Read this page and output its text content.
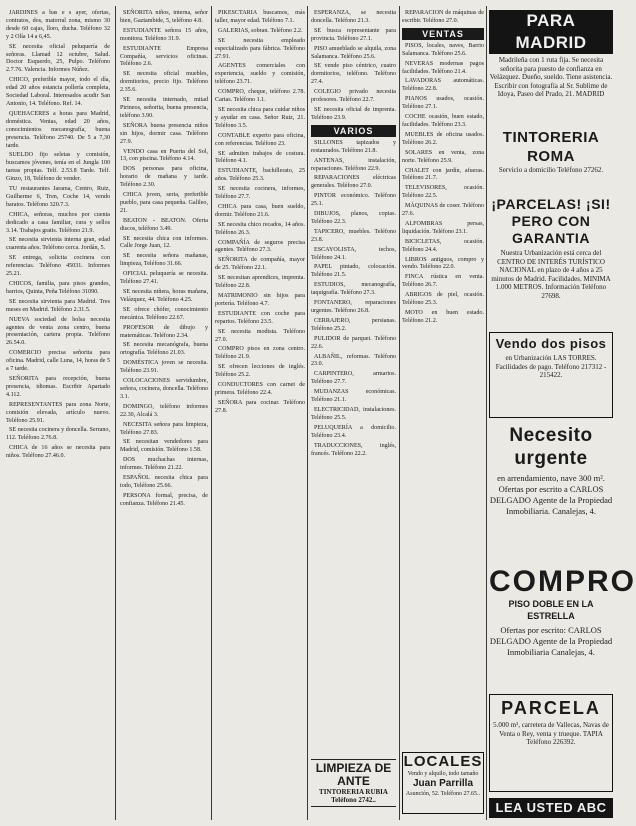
JARDINES a bas e s ayer, ofertas, contratos, dos, matorral zona, mismo 30 desde 60 cajas, lloro, ducha. Teléfono 32 y 2 Olía 14 a 6,45.

SE necesita oficial peluquería de señoras. Llamad 12 octubre, Salud. Doctor Esquerdo, 25, Pulpo. Teléfono 2.7.76. Valencia. Informes Núñez.

CHICO, preferible mayor, todo el día, edad 20 años estancia pollería completa, Sociedad Laboral. Interesados acudir San Antonio, 14. Teléfono. Ref. 14.

QUEHACERES a horas para Madrid, doméstica. Ventas, edad 20 años, conocimientos mecanografía, buena presencia. Teléfono 25740. De 5 a 7,30 tarde.

SUELDO fijo seletas y comisión, buscamos jóvenes, tenía en el Jungla 100 tareas propias. Telf. 2.53.8 Tarde. Telf. Ginzo, 18, Teléfono de vender.

TU restaurantes Jarama, Centro, Ruiz, Guilherme 6, Tren, Coche 14, vendo baratos. Teléfono 320.7.3.

CHICA, señoras, muchos por cuenta dedicado a casa familiar, cura y sellos 3.14. Trabajos gratis. Teléfono 21.9.

SE necesita sirvienta interna gran, edad cuarenta años. Teléfono cerca. Jordán, 5.

SE entrega, solicita cocinera con referencias. Teléfono 45031. Informes 25.21.

CHICOS, familia, para pisos grandes, barrios, Quinta, Peña Teléfono 31090.

SE necesita sirvienta para Madrid. Tres meses en Madrid. Teléfono 2.31.5.

NUEVA sociedad de bolsa necesita agentes de venta zona centro, buena presentación, cartera propia. Teléfono 26.54.0.

COMERCIO precisa señorita para oficina. Madrid, calle Luna, 14, horas de 5 a 7 tarde.

SEÑORITA para recepción, buena presencia, idiomas. Escribir Apartado 4.112.

REPRESENTANTES para zona Norte, comisión elevada, artículo nuevo. Teléfono 25.91.

SE necesita cocinera y doncella. Serrano, 112. Teléfono 2.76.8.

CHICA de 16 años se necesita para niños. Teléfono 27.46.0.

SEÑORITA niños, interna, señor bien, Gaztambide, 5, teléfono 4.8.

ESTUDIANTE señora 15 años, monitora. Teléfono 31.9.

ESTUDIANTE Empresa Compañía, servicios oficinas. Teléfono 2.6.

SE necesita oficial muebles, dormitorios, precio fijo. Teléfono 2.35.6.

SE necesita internado, mitad Pirineos, señorita, buena presencia, teléfono 3.90.

SEÑORA buena presencia niños sin hijos, dormir casa. Teléfono 27.9.

VENDO casa en Puerta del Sol, 13, con piscina. Teléfono 4.14.

DOS personas para oficina, horario de mañana y tarde. Teléfono 2.30.

CHICA joven, seria, preferible pueblo, para casa pequeña. Galileo, 21.

BEATON - BEATON. Oferta discos, teléfono 3.49.

SE necesita chica con informes. Calle Jorge Juan, 12.

SE necesita señora mañanas, limpieza, Teléfono 31.66.

OFICIAL peluquería se necesita. Teléfono 27.41.

SE necesita niñera, horas mañana, Velázquez, 44. Teléfono 4.25.

SE ofrece chófer, conocimiento mecánica. Teléfono 22.67.

PROFESOR de dibujo y matemáticas. Teléfono 2.34.

SE necesita mecanógrafa, buena ortografía. Teléfono 21.03.

DOMÉSTICA joven se necesita. Teléfono 23.91.

COLOCACIONES servidumbre, señora, cocinera, doncella. Teléfono 3.1.

DOMINGO, teléfono informes 22.30, Alcalá 3.

NECESITA señora para limpieza, Teléfono 27.83.

SE necesitan vendedores para Madrid, comisión. Teléfono 1.58.

DOS muchachas internas, informes. Teléfono 21.22.

ESPAÑOL necesita chica para todo, Teléfono 25.66.

PERSONA formal, precisa, de confianza. Teléfono 21.45.

PIKESCTARIA buscamos, más taller, mayor edad. Teléfono 7.1.

GALERIAS, sobran. Teléfono 2.2.

SE necesita empleado especializado para fábrica. Teléfono 27.91.

AGENTES comerciales con experiencia, sueldo y comisión, teléfono 23.71.

COMPRO, cheque, teléfono 2.78. Cartas. Teléfono 1.1.

SE necesita chica para cuidar niños y ayudar en casa. Señor Ruiz, 21. Teléfono 3.5.

CONTABLE experto para oficina, con referencias. Teléfono 23.

SE admiten trabajos de costura. Teléfono 4.1.

ESTUDIANTE, bachillerato, 25 años. Teléfono 25.3.

SE necesita cocinera, informes, Teléfono 27.7.

CHICA para casa, buen sueldo, dormir. Teléfono 21.6.

SE necesita chico recados, 14 años. Teléfono 26.3.

COMPAÑÍA de seguros precisa agentes. Teléfono 27.3.

SEÑORITA de compañía, mayor de 25. Teléfono 22.1.

SE necesitan aprendices, imprenta. Teléfono 22.8.

MATRIMONIO sin hijos para portería. Teléfono 4.7.

ESTUDIANTE con coche para repartos. Teléfono 23.5.

SE necesita modista. Teléfono 27.0.

COMPRO pisos en zona centro. Teléfono 21.9.

SE ofrecen lecciones de inglés. Teléfono 25.2.

CONDUCTORES con carnet de primera. Teléfono 22.4.

SEÑORA para cocinar. Teléfono 27.8.

ESPERANZA, se necesita doncella. Teléfono 21.3.

SE busca representante para provincia. Teléfono 27.1.

PISO amueblado se alquila, zona Salamanca. Teléfono 25.6.

SE vende piso céntrico, cuatro dormitorios, teléfono. Teléfono 27.4.

COLEGIO privado necesita profesores. Teléfono 22.7.

SE necesita oficial de imprenta. Teléfono 23.9.

VARIOS

SILLONES tapizados y restaurados. Teléfono 21.8.

ANTENAS, instalación, reparaciones. Teléfono 22.9.

REPARACIONES eléctricas generales. Teléfono 27.0.

PINTOR económico. Teléfono 25.1.

DIBUJOS, planos, copias. Teléfono 22.3.

TAPICERO, muebles. Teléfono 23.8.

ESCAYOLISTA, techos, Teléfono 24.1.

PAPEL pintado, colocación. Teléfono 21.5.

ESTUDIOS, mecanografía, taquigrafía. Teléfono 27.3.

FONTANERO, reparaciones urgentes. Teléfono 26.8.

CERRAJERO, persianas. Teléfono 25.2.

PULIDOR de parquet. Teléfono 22.6.

ALBAÑIL, reformas. Teléfono 23.0.

CARPINTERO, armarios. Teléfono 27.7.

MUDANZAS económicas. Teléfono 21.1.

ELECTRICIDAD, instalaciones. Teléfono 25.5.

PELUQUERÍA a domicilio. Teléfono 23.4.

TRADUCCIONES, inglés, francés. Teléfono 22.2.

LIMPIEZA DE ANTE
TINTORERIA RUBIA Teléfono 2742..

REPARACION de máquinas de escribir. Teléfono 27.0.

VENTAS

PISOS, locales, naves, Barrio Salamanca. Teléfono 25.6.

NEVERAS modernas pagos facilidades. Teléfono 21.4.

LAVADORAS automáticas. Teléfono 22.8.

PIANOS usados, ocasión. Teléfono 27.1.

COCHE ocasión, buen estado, facilidades. Teléfono 23.3.

MUEBLES de oficina usados. Teléfono 26.2.

SOLARES en venta, zona norte. Teléfono 25.9.

CHALET con jardín, afueras. Teléfono 21.7.

TELEVISORES, ocasión. Teléfono 22.5.

MÁQUINAS de coser. Teléfono 27.6.

ALFOMBRAS persas, liquidación. Teléfono 23.1.

BICICLETAS, ocasión. Teléfono 24.4.

LIBROS antiguos, compro y vendo. Teléfono 22.0.

FINCA rústica en venta. Teléfono 26.7.

ABRIGOS de piel, ocasión. Teléfono 25.3.

MOTO en buen estado. Teléfono 21.2.

LOCALES
Vendo y alquilo, todo tamaño
Juan Parrilla
Asunción, 52. Teléfono 27.65..
PARA MADRID
Madrileña con 1 ruta fija. Se necesita señorita para puesto de confianza en Velázquez. Dueño, sueldo. Tiene asistencia. Escribir con fotografía al Sr. Sublime de Idoya, Paseo del Prado, 21. MADRID
TINTORERIA ROMA
Servicio a domicilio Teléfono 27262.
¡PARCELAS! ¡SI! PERO CON GARANTIA
Nuestra Urbanización está cerca del CENTRO DE INTERÉS TURÍSTICO NACIONAL en plazo de 4 años a 25 minutos de Madrid. Facilidades. MINIMA 1.000 METROS. Información Teléfono 27698.
Vendo dos pisos
en Urbanización LAS TORRES. Facilidades de pago. Teléfono 217312 - 215422.
Necesito urgente
en arrendamiento, nave 300 m². Ofertas por escrito a CARLOS DELGADO Agente de la Propiedad Inmobiliaria. Canalejas, 4.
COMPRO
PISO DOBLE EN LA ESTRELLA
Ofertas por escrito: CARLOS DELGADO Agente de la Propiedad Inmobiliaria Canalejas, 4.
PARCELA
5.000 m², carretera de Vallecas, Navas de Venta o Rey, venta y trueque. TAPIA Teléfono 226392.
LEA USTED ABC
